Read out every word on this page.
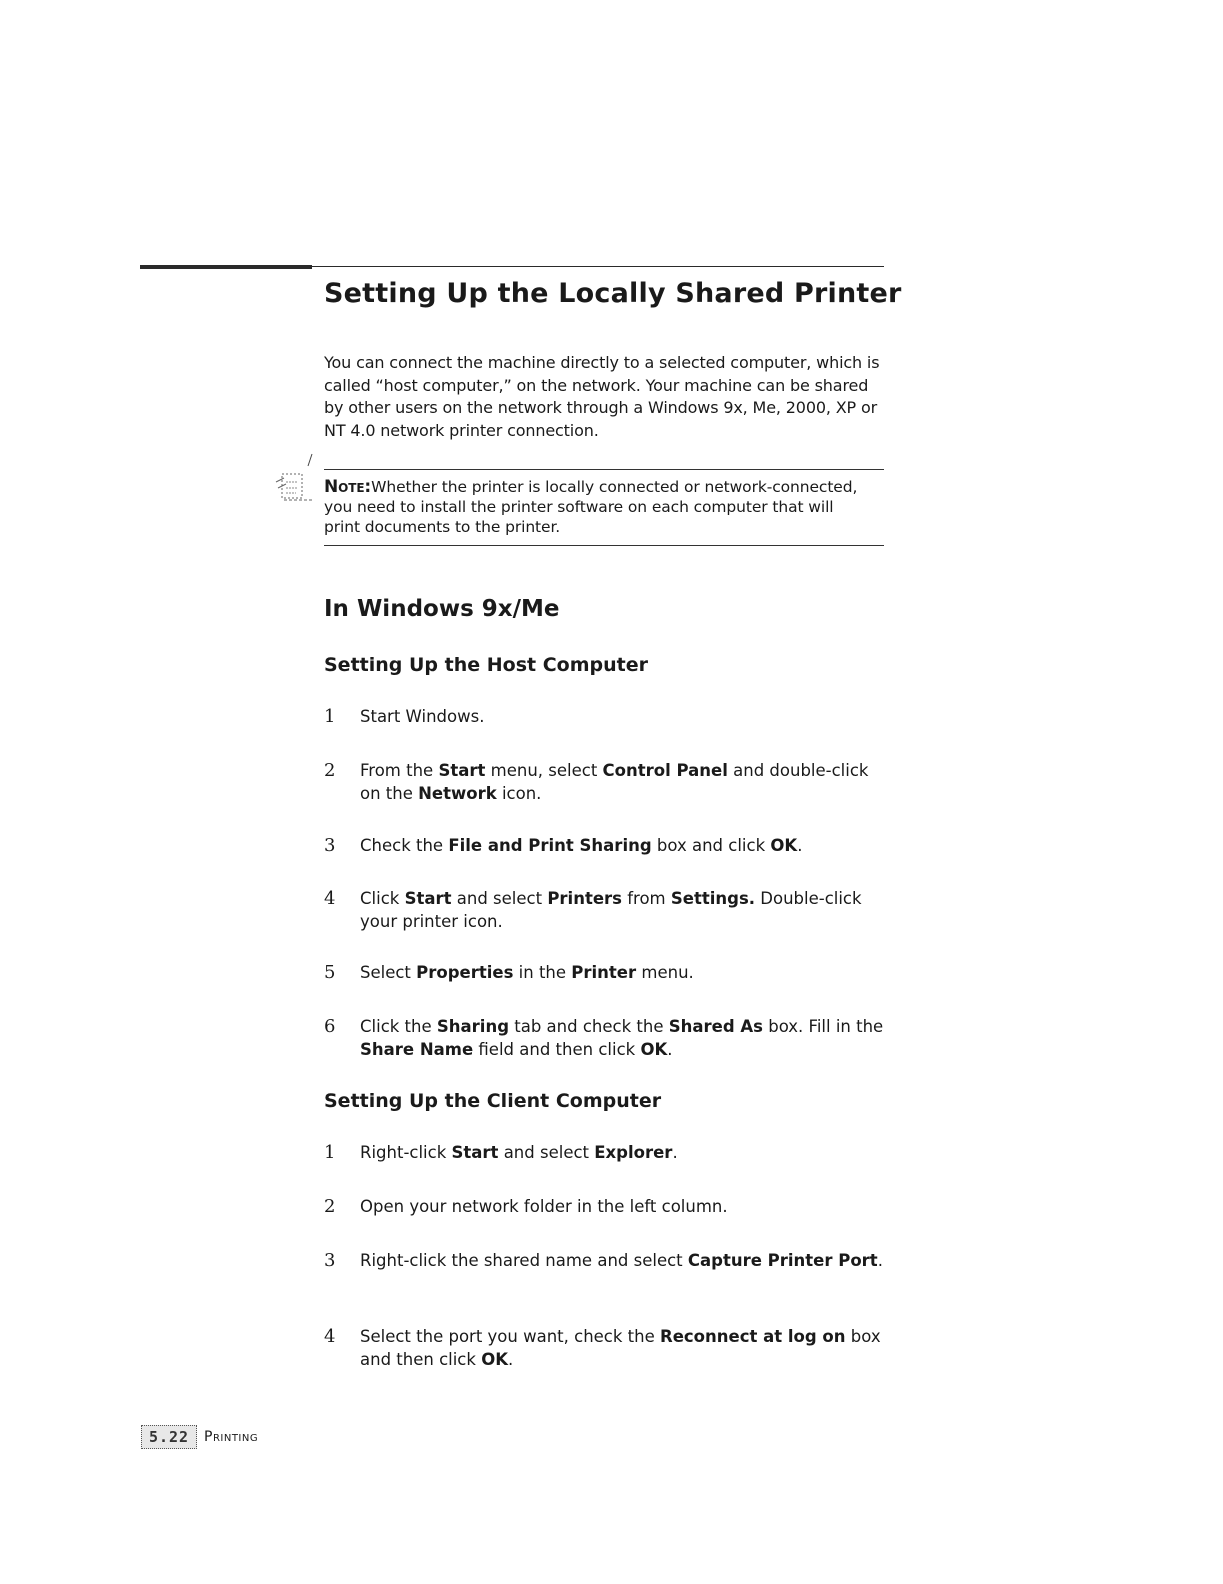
Setting Up the Locally Shared Printer
You can connect the machine directly to a selected computer, which is called “host computer,” on the network. Your machine can be shared by other users on the network through a Windows 9x, Me, 2000, XP or NT 4.0 network printer connection.
Note:Whether the printer is locally connected or network-connected, you need to install the printer software on each computer that will print documents to the printer.
In Windows 9x/Me
Setting Up the Host Computer
1	Start Windows.
2	From the Start menu, select Control Panel and double-click on the Network icon.
3	Check the File and Print Sharing box and click OK.
4	Click Start and select Printers from Settings. Double-click your printer icon.
5	Select Properties in the Printer menu.
6	Click the Sharing tab and check the Shared As box. Fill in the Share Name field and then click OK.
Setting Up the Client Computer
1	Right-click Start and select Explorer.
2	Open your network folder in the left column.
3	Right-click the shared name and select Capture Printer Port.
4	Select the port you want, check the Reconnect at log on box and then click OK.
5.22	Printing
